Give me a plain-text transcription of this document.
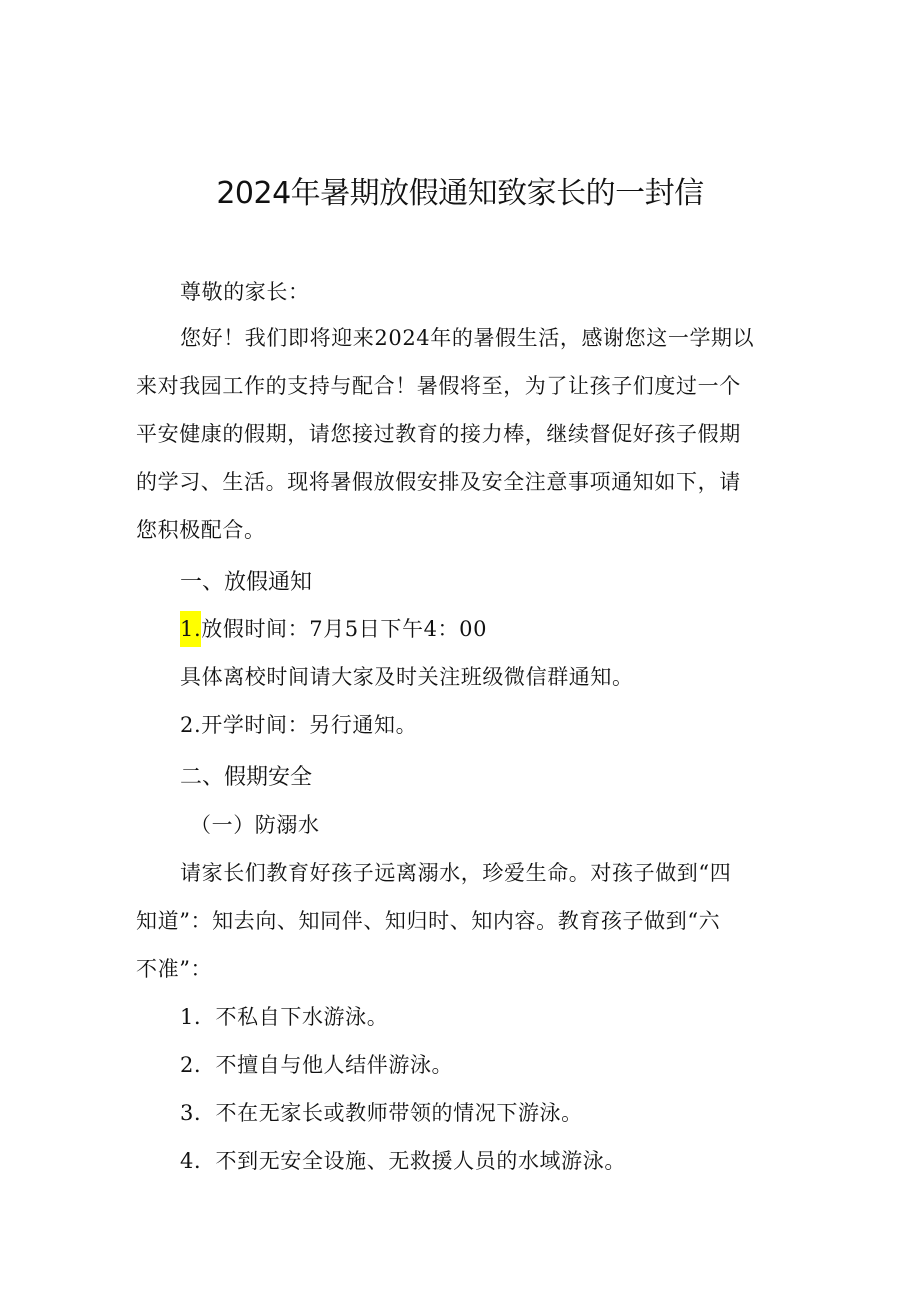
2024年暑期放假通知致家长的一封信
尊敬的家长：
您好！我们即将迎来2024年的暑假生活，感谢您这一学期以
来对我园工作的支持与配合！暑假将至，为了让孩子们度过一个
平安健康的假期，请您接过教育的接力棒，继续督促好孩子假期
的学习、生活。现将暑假放假安排及安全注意事项通知如下，请
您积极配合。
一、放假通知
1.放假时间：7月5日下午4：00
具体离校时间请大家及时关注班级微信群通知。
2.开学时间：另行通知。
二、假期安全
（一）防溺水
请家长们教育好孩子远离溺水，珍爱生命。对孩子做到“四
知道”：知去向、知同伴、知归时、知内容。教育孩子做到“六
不准”：
1．不私自下水游泳。
2．不擅自与他人结伴游泳。
3．不在无家长或教师带领的情况下游泳。
4．不到无安全设施、无救援人员的水域游泳。
